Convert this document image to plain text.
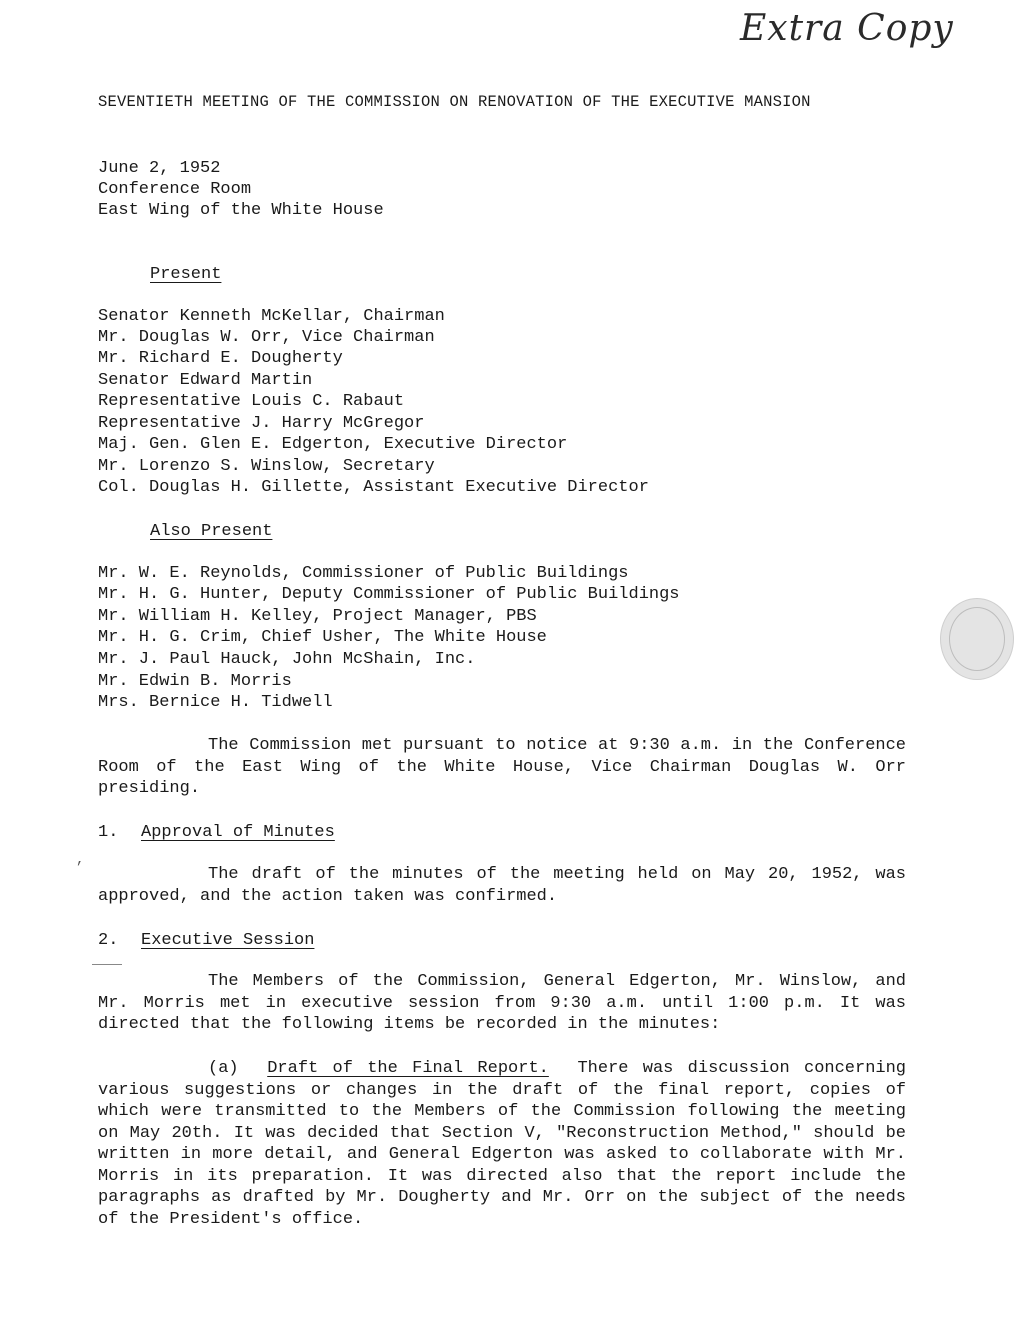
Extra Copy
SEVENTIETH MEETING OF THE COMMISSION ON RENOVATION OF THE EXECUTIVE MANSION
June 2, 1952
Conference Room
East Wing of the White House
Present
Senator Kenneth McKellar, Chairman
Mr. Douglas W. Orr, Vice Chairman
Mr. Richard E. Dougherty
Senator Edward Martin
Representative Louis C. Rabaut
Representative J. Harry McGregor
Maj. Gen. Glen E. Edgerton, Executive Director
Mr. Lorenzo S. Winslow, Secretary
Col. Douglas H. Gillette, Assistant Executive Director
Also Present
Mr. W. E. Reynolds, Commissioner of Public Buildings
Mr. H. G. Hunter, Deputy Commissioner of Public Buildings
Mr. William H. Kelley, Project Manager, PBS
Mr. H. G. Crim, Chief Usher, The White House
Mr. J. Paul Hauck, John McShain, Inc.
Mr. Edwin B. Morris
Mrs. Bernice H. Tidwell
The Commission met pursuant to notice at 9:30 a.m. in the Conference Room of the East Wing of the White House, Vice Chairman Douglas W. Orr presiding.
1. Approval of Minutes
The draft of the minutes of the meeting held on May 20, 1952, was approved, and the action taken was confirmed.
2. Executive Session
The Members of the Commission, General Edgerton, Mr. Winslow, and Mr. Morris met in executive session from 9:30 a.m. until 1:00 p.m. It was directed that the following items be recorded in the minutes:
(a) Draft of the Final Report. There was discussion concerning various suggestions or changes in the draft of the final report, copies of which were transmitted to the Members of the Commission following the meeting on May 20th. It was decided that Section V, "Reconstruction Method," should be written in more detail, and General Edgerton was asked to collaborate with Mr. Morris in its preparation. It was directed also that the report include the paragraphs as drafted by Mr. Dougherty and Mr. Orr on the subject of the needs of the President's office.
,
